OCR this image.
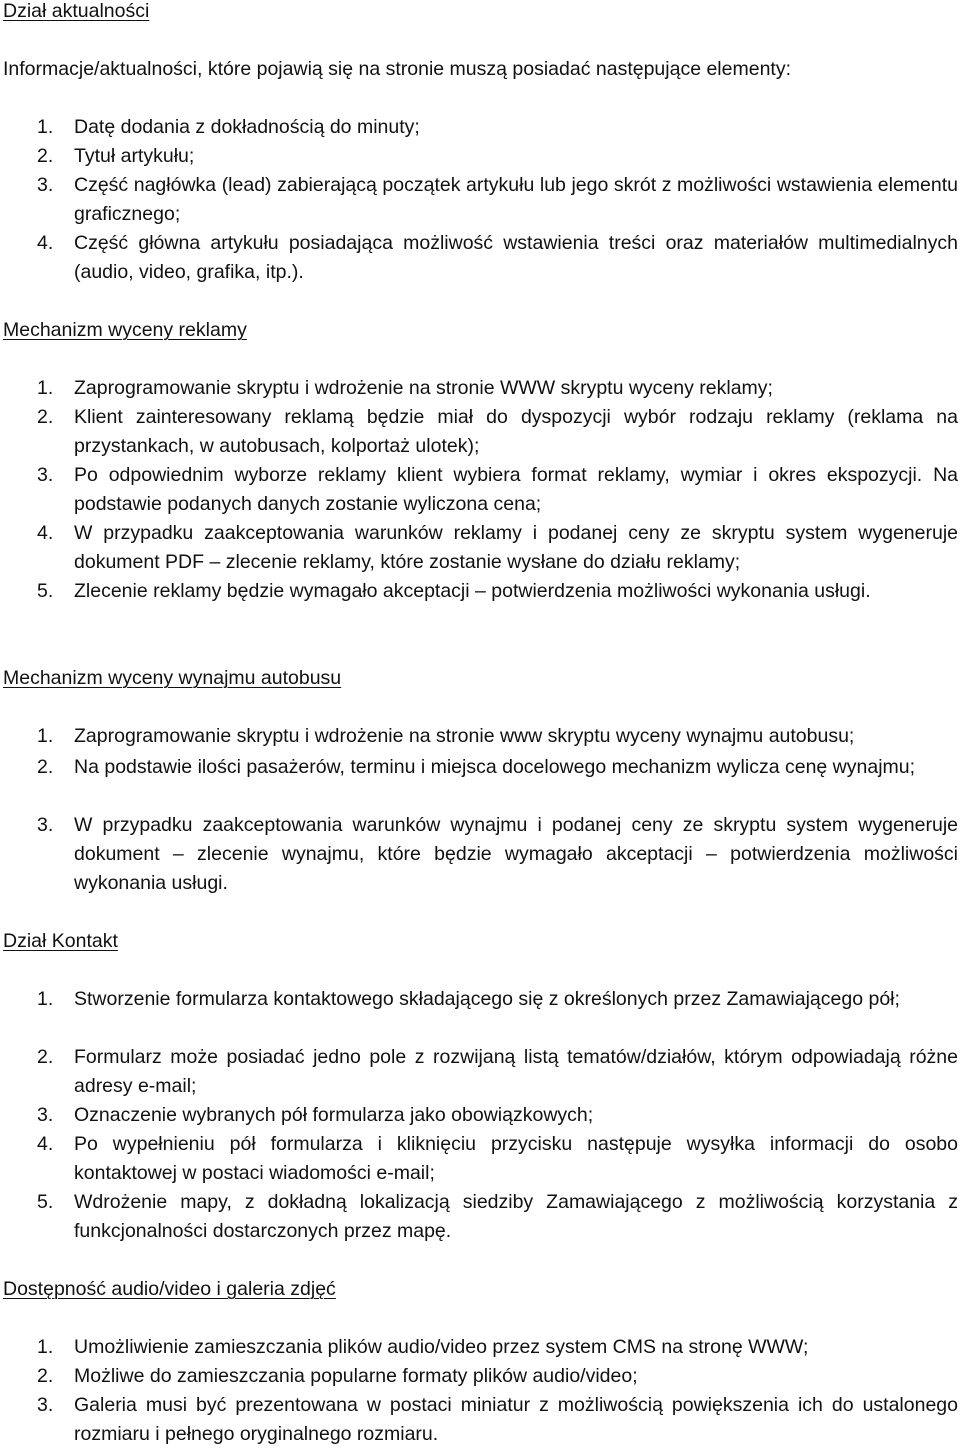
Dział aktualności
Informacje/aktualności, które pojawią się na stronie muszą posiadać następujące elementy:
1. Datę dodania z dokładnością do minuty;
2. Tytuł artykułu;
3. Część nagłówka (lead) zabierającą początek artykułu lub jego skrót z możliwości wstawienia elementu graficznego;
4. Część główna artykułu posiadająca możliwość wstawienia treści oraz materiałów multimedialnych (audio, video, grafika, itp.).
Mechanizm wyceny reklamy
1. Zaprogramowanie skryptu i wdrożenie na stronie WWW skryptu wyceny reklamy;
2. Klient zainteresowany reklamą będzie miał do dyspozycji wybór rodzaju reklamy (reklama na przystankach, w autobusach, kolportaż ulotek);
3. Po odpowiednim wyborze reklamy klient wybiera format reklamy, wymiar i okres ekspozycji. Na podstawie podanych danych zostanie wyliczona cena;
4. W przypadku zaakceptowania warunków reklamy i podanej ceny ze skryptu system wygeneruje dokument PDF – zlecenie reklamy, które zostanie wysłane do działu reklamy;
5. Zlecenie reklamy będzie wymagało akceptacji – potwierdzenia możliwości wykonania usługi.
Mechanizm wyceny wynajmu autobusu
1. Zaprogramowanie skryptu i wdrożenie na stronie www skryptu wyceny wynajmu autobusu;
2. Na podstawie ilości pasażerów, terminu i miejsca docelowego mechanizm wylicza cenę wynajmu;
3. W przypadku zaakceptowania warunków wynajmu i podanej ceny ze skryptu system wygeneruje dokument – zlecenie wynajmu, które będzie wymagało akceptacji – potwierdzenia możliwości wykonania usługi.
Dział Kontakt
1. Stworzenie formularza kontaktowego składającego się z określonych przez Zamawiającego pół;
2. Formularz może posiadać jedno pole z rozwijaną listą tematów/działów, którym odpowiadają różne adresy e-mail;
3. Oznaczenie wybranych pół formularza jako obowiązkowych;
4. Po wypełnieniu pół formularza i kliknięciu przycisku następuje wysyłka informacji do osobo kontaktowej w postaci wiadomości e-mail;
5. Wdrożenie mapy, z dokładną lokalizacją siedziby Zamawiającego z możliwością korzystania z funkcjonalności dostarczonych przez mapę.
Dostępność audio/video i galeria zdjęć
1. Umożliwienie zamieszczania plików audio/video przez system CMS na stronę WWW;
2. Możliwe do zamieszczania popularne formaty plików audio/video;
3. Galeria musi być prezentowana w postaci miniatur z możliwością powiększenia ich do ustalonego rozmiaru i pełnego oryginalnego rozmiaru.
